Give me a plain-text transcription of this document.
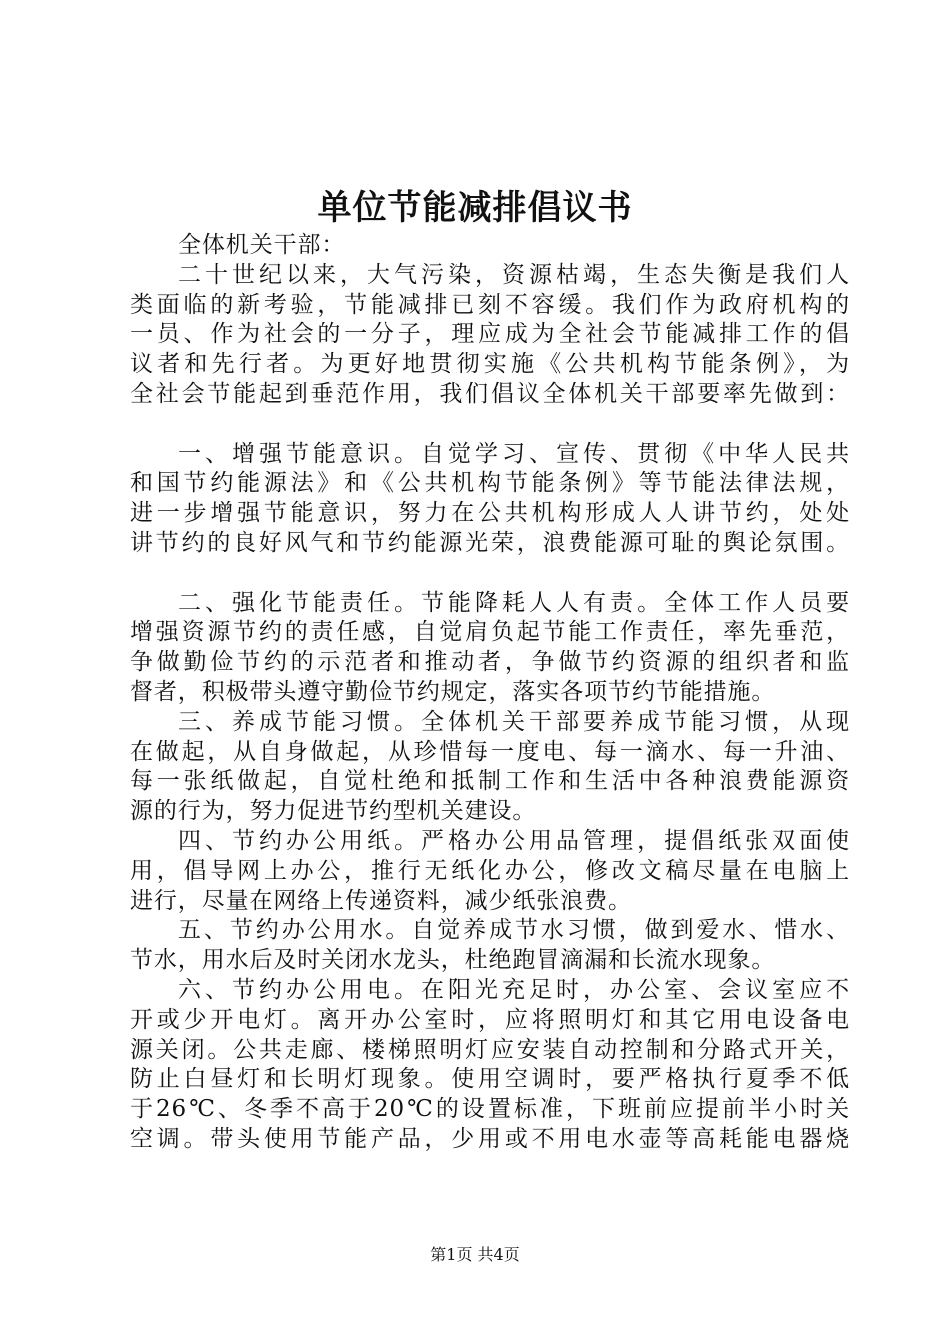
单位节能减排倡议书
全体机关干部：
二十世纪以来，大气污染，资源枯竭，生态失衡是我们人
类面临的新考验，节能减排已刻不容缓。我们作为政府机构的
一员、作为社会的一分子，理应成为全社会节能减排工作的倡
议者和先行者。为更好地贯彻实施《公共机构节能条例》，为
全社会节能起到垂范作用，我们倡议全体机关干部要率先做到：
一、增强节能意识。自觉学习、宣传、贯彻《中华人民共
和国节约能源法》和《公共机构节能条例》等节能法律法规，
进一步增强节能意识，努力在公共机构形成人人讲节约，处处
讲节约的良好风气和节约能源光荣，浪费能源可耻的舆论氛围。
二、强化节能责任。节能降耗人人有责。全体工作人员要
增强资源节约的责任感，自觉肩负起节能工作责任，率先垂范，
争做勤俭节约的示范者和推动者，争做节约资源的组织者和监
督者，积极带头遵守勤俭节约规定，落实各项节约节能措施。
三、养成节能习惯。全体机关干部要养成节能习惯，从现
在做起，从自身做起，从珍惜每一度电、每一滴水、每一升油、
每一张纸做起，自觉杜绝和抵制工作和生活中各种浪费能源资
源的行为，努力促进节约型机关建设。
四、节约办公用纸。严格办公用品管理，提倡纸张双面使
用，倡导网上办公，推行无纸化办公，修改文稿尽量在电脑上
进行，尽量在网络上传递资料，减少纸张浪费。
五、节约办公用水。自觉养成节水习惯，做到爱水、惜水、
节水，用水后及时关闭水龙头，杜绝跑冒滴漏和长流水现象。
六、节约办公用电。在阳光充足时，办公室、会议室应不
开或少开电灯。离开办公室时，应将照明灯和其它用电设备电
源关闭。公共走廊、楼梯照明灯应安装自动控制和分路式开关，
防止白昼灯和长明灯现象。使用空调时，要严格执行夏季不低
于26℃、冬季不高于20℃的设置标准，下班前应提前半小时关
空调。带头使用节能产品，少用或不用电水壶等高耗能电器烧

第1页 共4页
